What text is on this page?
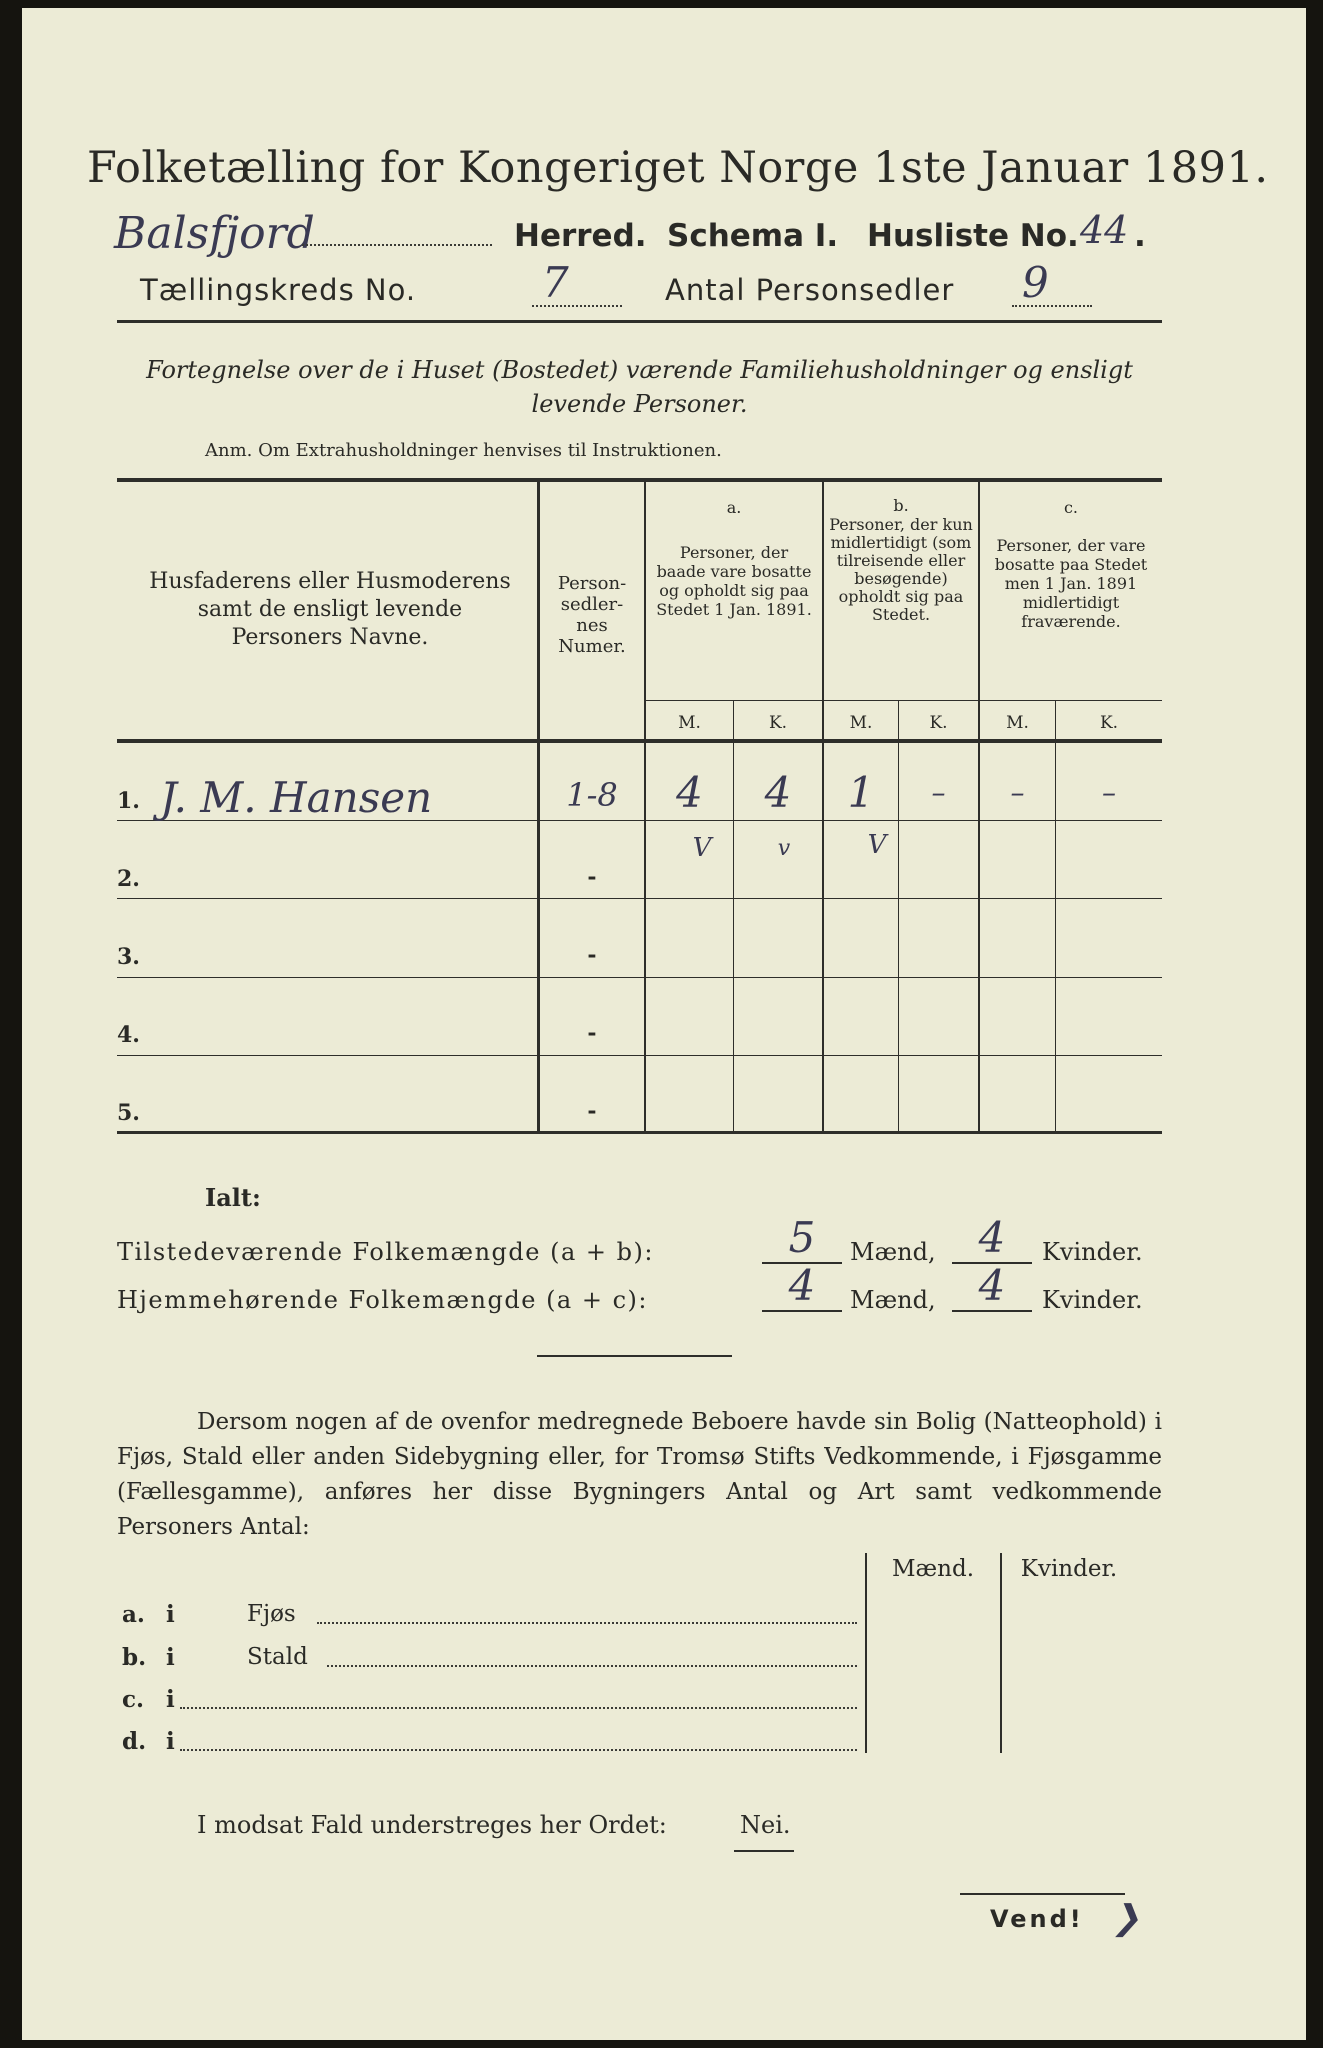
Folketælling for Kongeriget Norge 1ste Januar 1891.
Balsfjord	Herred. Schema I. Husliste No. 44 .
Tællingskreds No.	7	Antal Personsedler 9
Fortegnelse over de i Huset (Bostedet) værende Familiehusholdninger og ensligt levende Personer.
Anm. Om Extrahusholdninger henvises til Instruktionen.
Husfaderens eller Husmoderens samt de ensligt levende Personers Navne.
Person-sedler-nes Numer.
a.
Personer, der baade vare bosatte og opholdt sig paa Stedet 1 Jan. 1891.
b.
Personer, der kun midlertidigt (som tilreisende eller besøgende) opholdt sig paa Stedet.
c.
Personer, der vare bosatte paa Stedet men 1 Jan. 1891 midlertidigt fraværende.
M.	K.	M.	K.	M.	K.
1. J. M. Hansen	1-8	4	4	1	–	–	–
V	v	V
2.	-
3.	-
4.	-
5.	-
Ialt:
Tilstedeværende Folkemængde (a + b):	5	Mænd,	4	Kvinder.
Hjemmehørende Folkemængde (a + c):	4	Mænd,	4	Kvinder.
Dersom nogen af de ovenfor medregnede Beboere havde sin Bolig (Natteophold) i Fjøs, Stald eller anden Sidebygning eller, for Tromsø Stifts Vedkommende, i Fjøsgamme (Fællesgamme), anføres her disse Bygningers Antal og Art samt vedkommende Personers Antal:
Mænd.	Kvinder.
a. i	Fjøs
b. i	Stald
c. i
d. i
I modsat Fald understreges her Ordet:	Nei.
Vend! ❯
